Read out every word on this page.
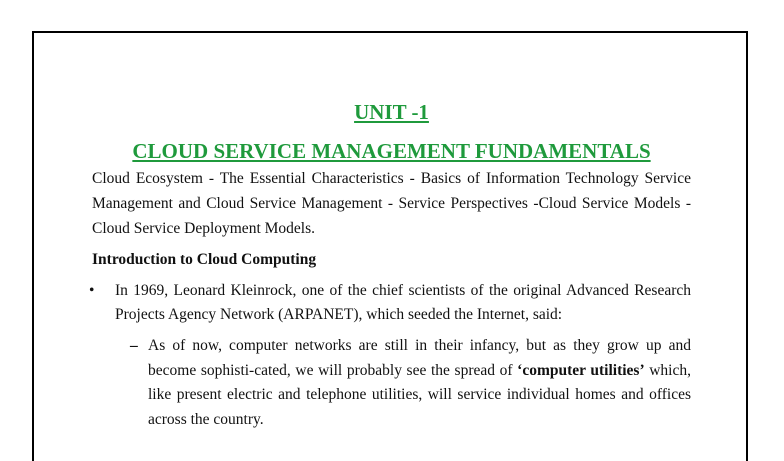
UNIT -1
CLOUD SERVICE MANAGEMENT FUNDAMENTALS

Cloud Ecosystem - The Essential Characteristics - Basics of Information Technology Service Management and Cloud Service Management - Service Perspectives -Cloud Service Models - Cloud Service Deployment Models.

Introduction to Cloud Computing
• In 1969, Leonard Kleinrock, one of the chief scientists of the original Advanced Research Projects Agency Network (ARPANET), which seeded the Internet, said:

– As of now, computer networks are still in their infancy, but as they grow up and become sophisti-cated, we will probably see the spread of ‘computer utilities’ which, like present electric and telephone utilities, will service individual homes and offices across the country.
